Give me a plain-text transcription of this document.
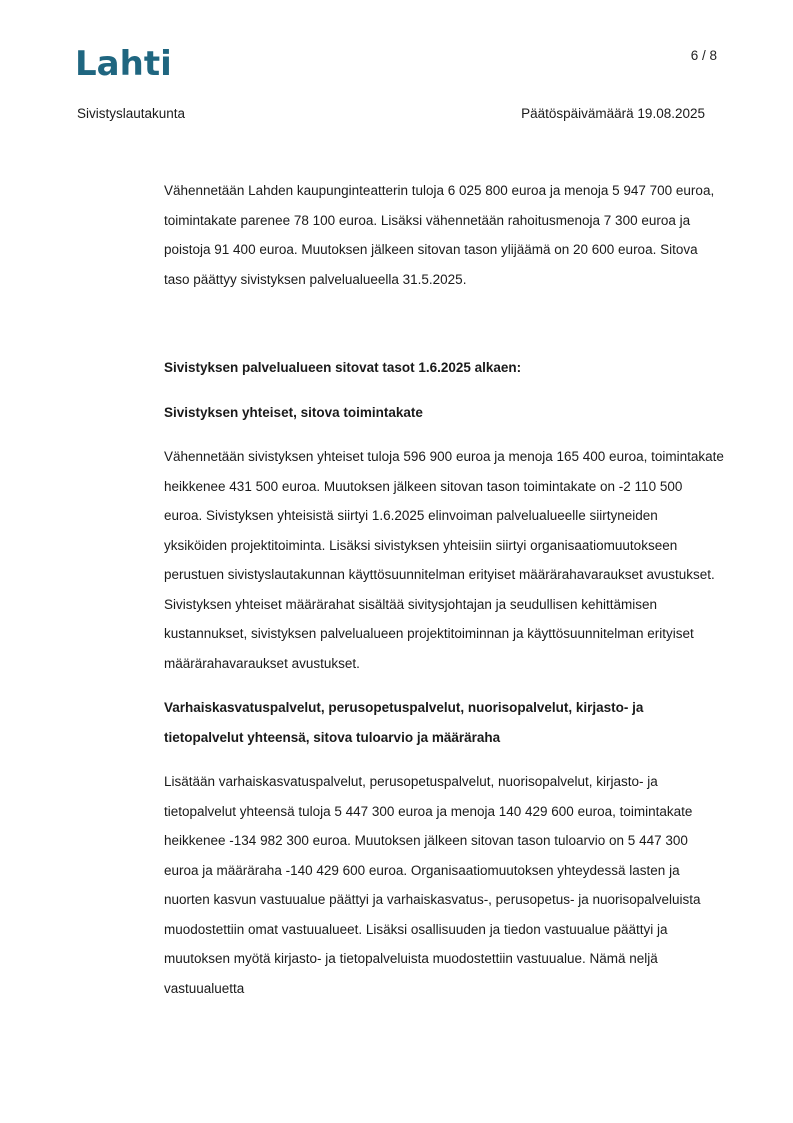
Lahti	6 / 8
Sivistyslautakunta	Päätöspäivämäärä 19.08.2025

Vähennetään Lahden kaupunginteatterin tuloja 6 025 800 euroa ja menoja 5 947 700 euroa, toimintakate parenee 78 100 euroa. Lisäksi vähennetään rahoitusmenoja 7 300 euroa ja poistoja 91 400 euroa. Muutoksen jälkeen sitovan tason ylijäämä on 20 600 euroa. Sitova taso päättyy sivistyksen palvelualueella 31.5.2025.

Sivistyksen palvelualueen sitovat tasot 1.6.2025 alkaen:

Sivistyksen yhteiset, sitova toimintakate

Vähennetään sivistyksen yhteiset tuloja 596 900 euroa ja menoja 165 400 euroa, toimintakate heikkenee 431 500 euroa. Muutoksen jälkeen sitovan tason toimintakate on -2 110 500 euroa. Sivistyksen yhteisistä siirtyi 1.6.2025 elinvoiman palvelualueelle siirtyneiden yksiköiden projektitoiminta. Lisäksi sivistyksen yhteisiin siirtyi organisaatiomuutokseen perustuen sivistyslautakunnan käyttösuunnitelman erityiset määrärahavaraukset avustukset. Sivistyksen yhteiset määrärahat sisältää sivitysjohtajan ja seudullisen kehittämisen kustannukset, sivistyksen palvelualueen projektitoiminnan ja käyttösuunnitelman erityiset määrärahavaraukset avustukset.

Varhaiskasvatuspalvelut, perusopetuspalvelut, nuorisopalvelut, kirjasto- ja tietopalvelut yhteensä, sitova tuloarvio ja määräraha

Lisätään varhaiskasvatuspalvelut, perusopetuspalvelut, nuorisopalvelut, kirjasto- ja tietopalvelut yhteensä tuloja 5 447 300 euroa ja menoja 140 429 600 euroa, toimintakate heikkenee -134 982 300 euroa. Muutoksen jälkeen sitovan tason tuloarvio on 5 447 300 euroa ja määräraha -140 429 600 euroa. Organisaatiomuutoksen yhteydessä lasten ja nuorten kasvun vastuualue päättyi ja varhaiskasvatus-, perusopetus- ja nuorisopalveluista muodostettiin omat vastuualueet. Lisäksi osallisuuden ja tiedon vastuualue päättyi ja muutoksen myötä kirjasto- ja tietopalveluista muodostettiin vastuualue. Nämä neljä vastuualuetta
